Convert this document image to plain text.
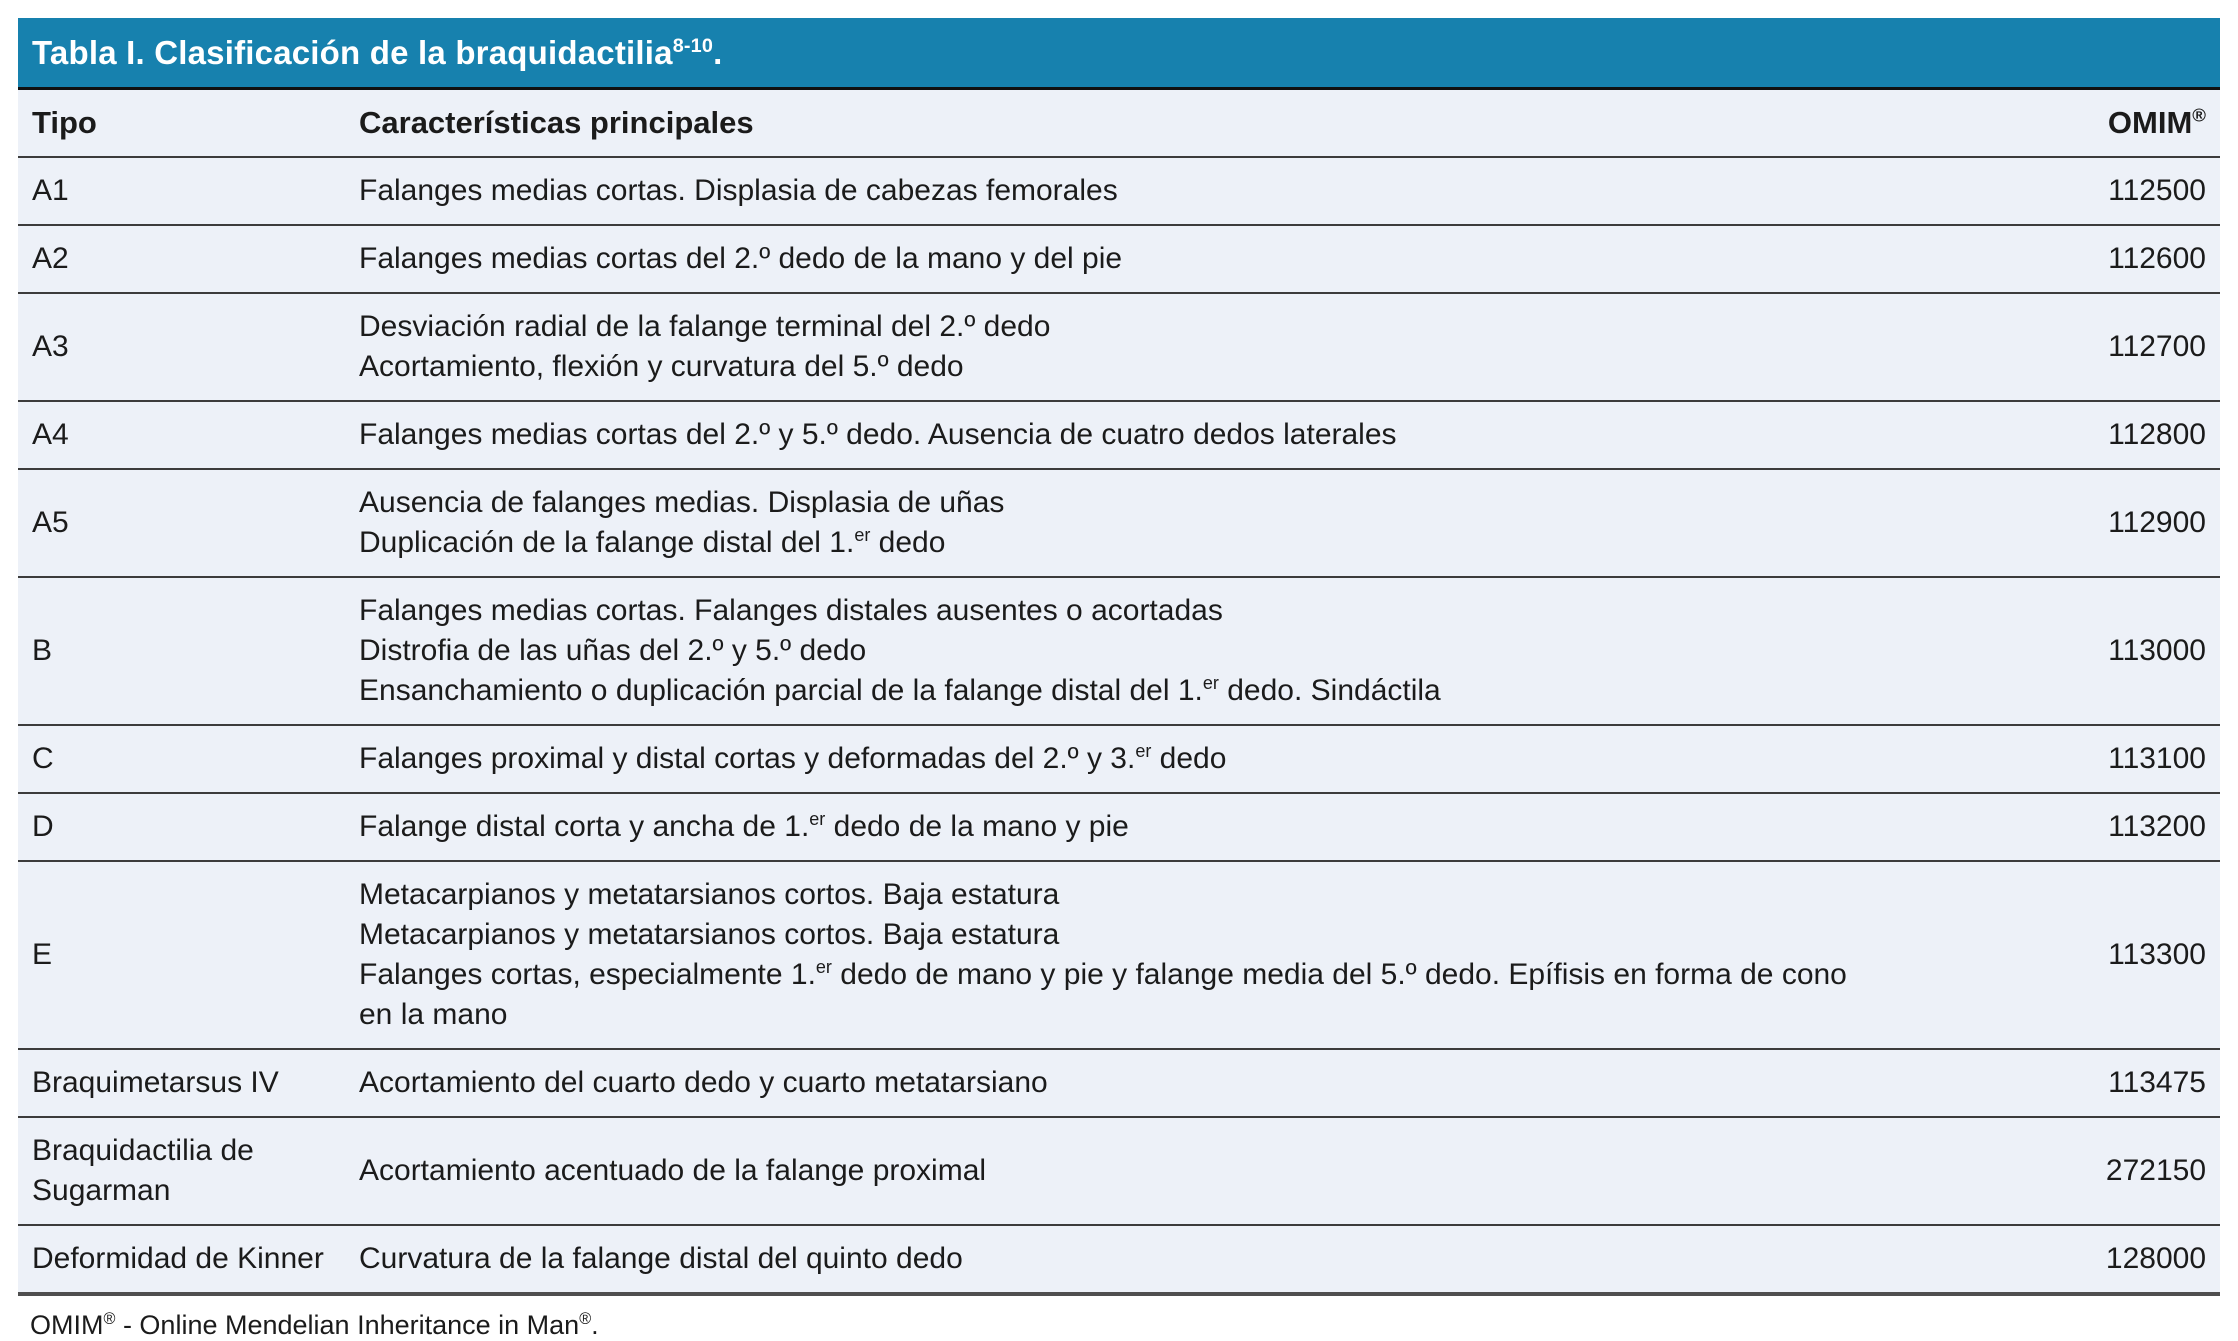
Tabla I. Clasificación de la braquidactilia$^{8-10}$.
Tipo	Características principales	OMIM®
A1	Falanges medias cortas. Displasia de cabezas femorales	112500
A2	Falanges medias cortas del 2.º dedo de la mano y del pie	112600
A3	Desviación radial de la falange terminal del 2.º dedo
Acortamiento, flexión y curvatura del 5.º dedo	112700
A4	Falanges medias cortas del 2.º y 5.º dedo. Ausencia de cuatro dedos laterales	112800
A5	Ausencia de falanges medias. Displasia de uñas
Duplicación de la falange distal del 1.$^{er}$ dedo	112900
B	Falanges medias cortas. Falanges distales ausentes o acortadas
Distrofia de las uñas del 2.º y 5.º dedo
Ensanchamiento o duplicación parcial de la falange distal del 1.$^{er}$ dedo. Sindáctila	113000
C	Falanges proximal y distal cortas y deformadas del 2.º y 3.$^{er}$ dedo	113100
D	Falange distal corta y ancha de 1.$^{er}$ dedo de la mano y pie	113200
E	Metacarpianos y metatarsianos cortos. Baja estatura
Metacarpianos y metatarsianos cortos. Baja estatura
Falanges cortas, especialmente 1.$^{er}$ dedo de mano y pie y falange media del 5.º dedo. Epífisis en forma de cono en la mano	113300
Braquimetarsus IV	Acortamiento del cuarto dedo y cuarto metatarsiano	113475
Braquidactilia de Sugarman	Acortamiento acentuado de la falange proximal	272150
Deformidad de Kinner	Curvatura de la falange distal del quinto dedo	128000
OMIM® - Online Mendelian Inheritance in Man®.
